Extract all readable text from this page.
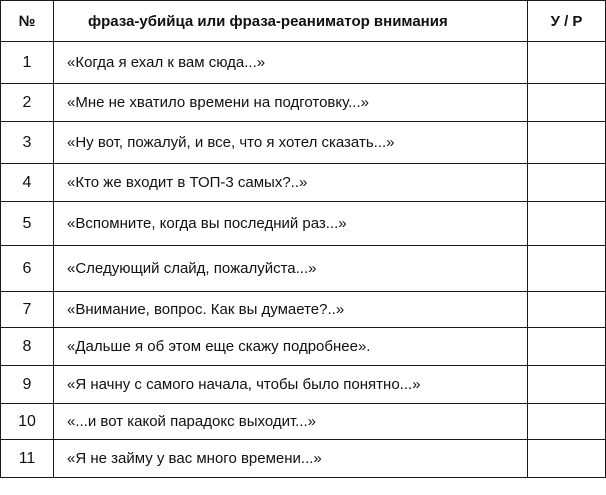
№	фраза-убийца или фраза-реаниматор внимания	У / Р
1	«Когда я ехал к вам сюда...»	
2	«Мне не хватило времени на подготовку...»	
3	«Ну вот, пожалуй, и все, что я хотел сказать...»	
4	«Кто же входит в ТОП-3 самых?..»	
5	«Вспомните, когда вы последний раз...»	
6	«Следующий слайд, пожалуйста...»	
7	«Внимание, вопрос. Как вы думаете?..»	
8	«Дальше я об этом еще скажу подробнее».	
9	«Я начну с самого начала, чтобы было понятно...»	
10	«...и вот какой парадокс выходит...»	
11	«Я не займу у вас много времени...»	
